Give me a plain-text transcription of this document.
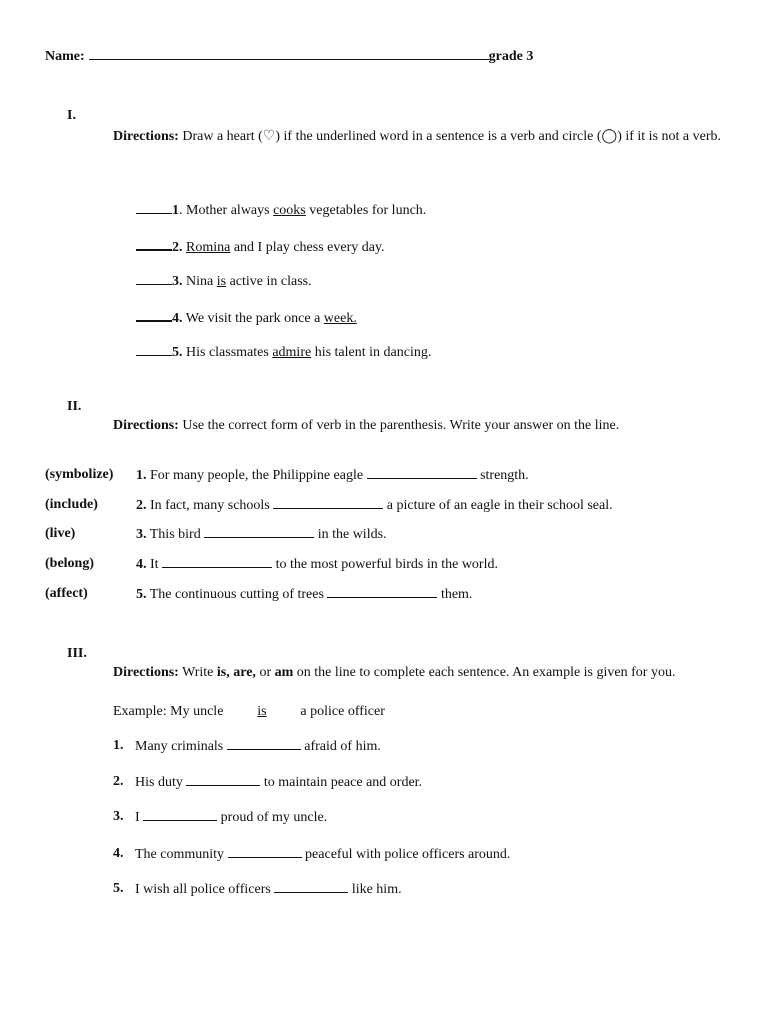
Name:	grade 3
I.
Directions: Draw a heart (♡) if the underlined word in a sentence is a verb and circle (◯) if it is not a verb.
1. Mother always cooks vegetables for lunch.
2. Romina and I play chess every day.
3. Nina is active in class.
4. We visit the park once a week.
5. His classmates admire his talent in dancing.
II.
Directions: Use the correct form of verb in the parenthesis. Write your answer on the line.
(symbolize) 1. For many people, the Philippine eagle	strength.
(include)	2. In fact, many schools	a picture of an eagle in their school seal.
(live)	3. This bird	in the wilds.
(belong)	4. It	to the most powerful birds in the world.
(affect)	5. The continuous cutting of trees	them.
III.
Directions: Write is, are, or am on the line to complete each sentence. An example is given for you.
Example: My uncle is a police officer
1. Many criminals	afraid of him.
2. His duty	to maintain peace and order.
3. I	proud of my uncle.
4. The community	peaceful with police officers around.
5. I wish all police officers	like him.
